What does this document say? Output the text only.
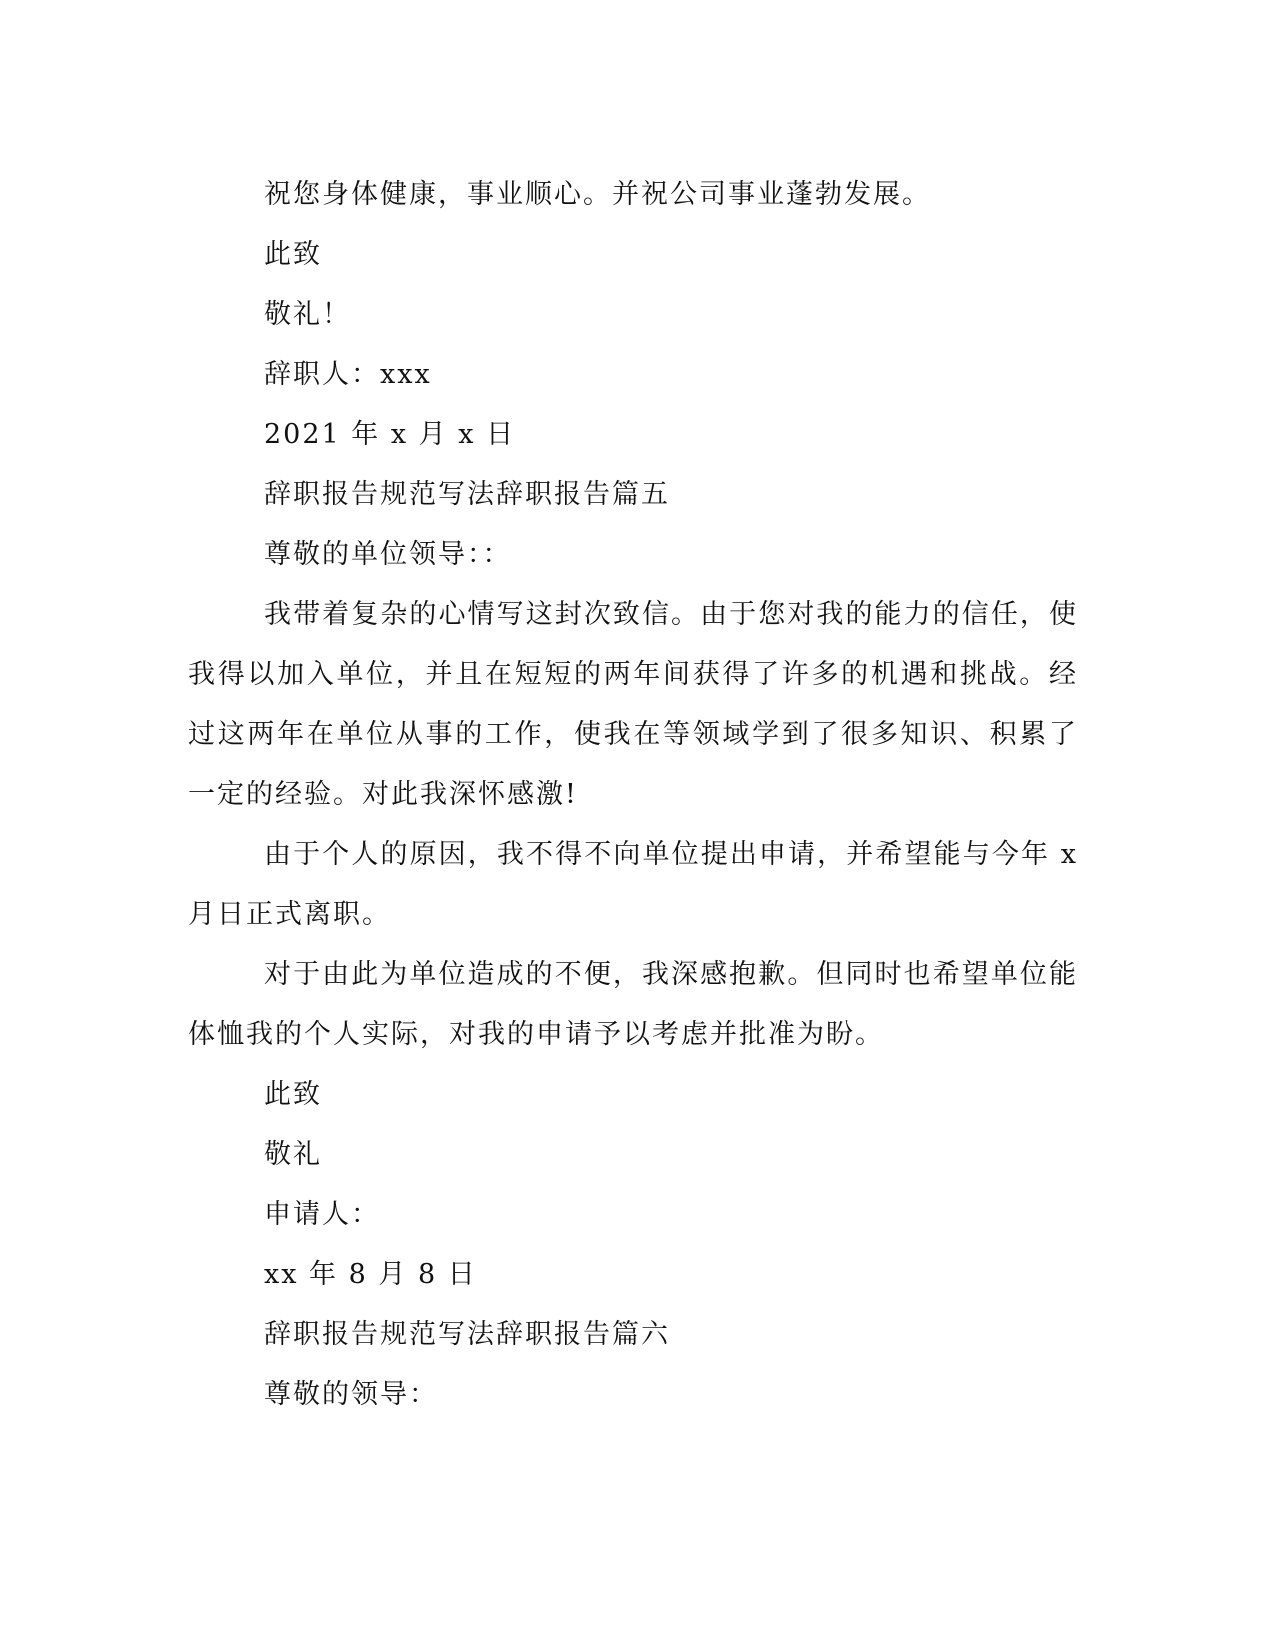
祝您身体健康，事业顺心。并祝公司事业蓬勃发展。

此致

敬礼！

辞职人：xxx

2021 年 x 月 x 日

辞职报告规范写法辞职报告篇五

尊敬的单位领导：：

我带着复杂的心情写这封次致信。由于您对我的能力的信任，使我得以加入单位，并且在短短的两年间获得了许多的机遇和挑战。经过这两年在单位从事的工作，使我在等领域学到了很多知识、积累了一定的经验。对此我深怀感激!

由于个人的原因，我不得不向单位提出申请，并希望能与今年 x 月日正式离职。

对于由此为单位造成的不便，我深感抱歉。但同时也希望单位能体恤我的个人实际，对我的申请予以考虑并批准为盼。

此致

敬礼

申请人：

xx 年 8 月 8 日

辞职报告规范写法辞职报告篇六

尊敬的领导：
